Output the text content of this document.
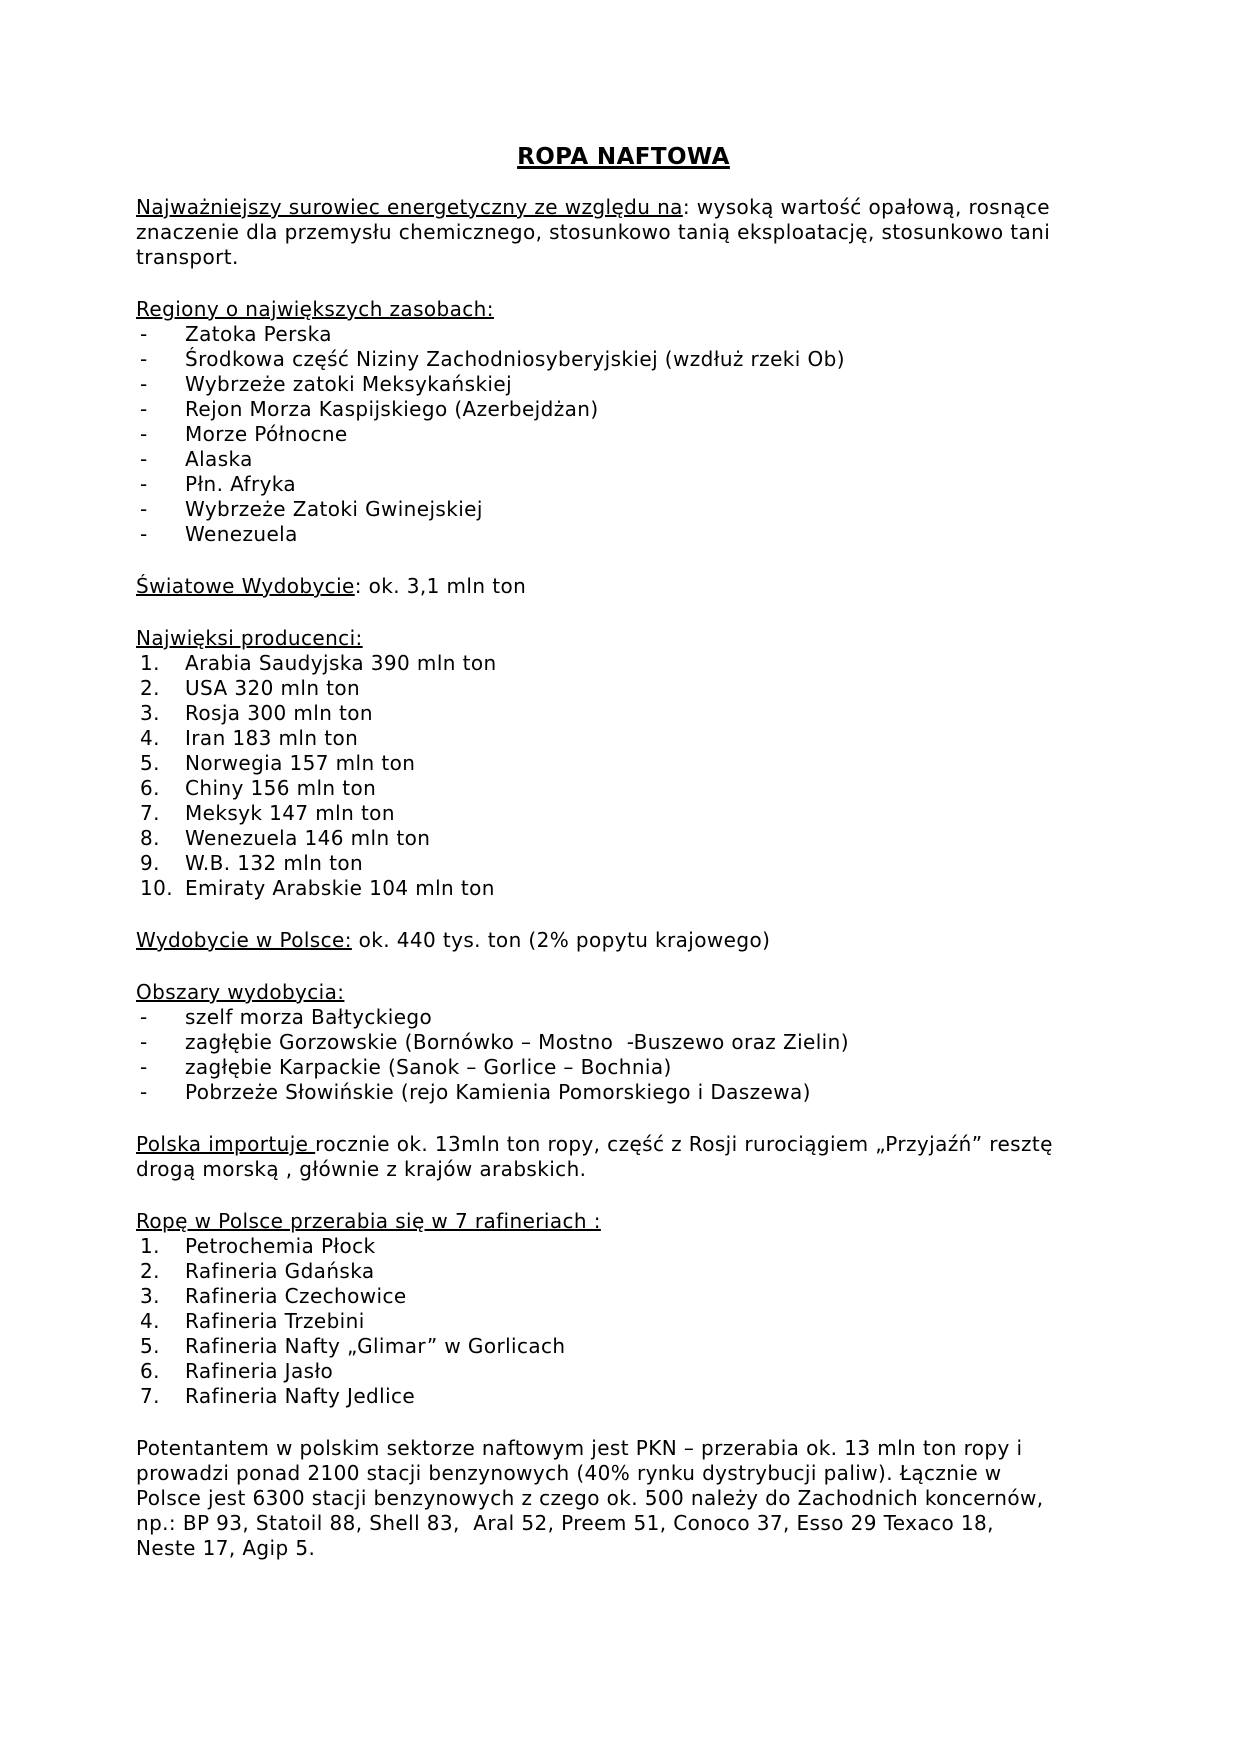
ROPA NAFTOWA
Najważniejszy surowiec energetyczny ze względu na: wysoką wartość opałową, rosnące
znaczenie dla przemysłu chemicznego, stosunkowo tanią eksploatację, stosunkowo tani
transport.
Regiony o największych zasobach:
-	Zatoka Perska
-	Środkowa część Niziny Zachodniosyberyjskiej (wzdłuż rzeki Ob)
-	Wybrzeże zatoki Meksykańskiej
-	Rejon Morza Kaspijskiego (Azerbejdżan)
-	Morze Północne
-	Alaska
-	Płn. Afryka
-	Wybrzeże Zatoki Gwinejskiej
-	Wenezuela
Światowe Wydobycie: ok. 3,1 mln ton
Najwięksi producenci:
1.	Arabia Saudyjska 390 mln ton
2.	USA 320 mln ton
3.	Rosja 300 mln ton
4.	Iran 183 mln ton
5.	Norwegia 157 mln ton
6.	Chiny 156 mln ton
7.	Meksyk 147 mln ton
8.	Wenezuela 146 mln ton
9.	W.B. 132 mln ton
10. Emiraty Arabskie 104 mln ton
Wydobycie w Polsce: ok. 440 tys. ton (2% popytu krajowego)
Obszary wydobycia:
-	szelf morza Bałtyckiego
-	zagłębie Gorzowskie (Bornówko – Mostno  -Buszewo oraz Zielin)
-	zagłębie Karpackie (Sanok – Gorlice – Bochnia)
-	Pobrzeże Słowińskie (rejo Kamienia Pomorskiego i Daszewa)
Polska importuje rocznie ok. 13mln ton ropy, część z Rosji rurociągiem „Przyjaźń” resztę
drogą morską , głównie z krajów arabskich.
Ropę w Polsce przerabia się w 7 rafineriach :
1.	Petrochemia Płock
2.	Rafineria Gdańska
3.	Rafineria Czechowice
4.	Rafineria Trzebini
5.	Rafineria Nafty „Glimar” w Gorlicach
6.	Rafineria Jasło
7.	Rafineria Nafty Jedlice
Potentantem w polskim sektorze naftowym jest PKN – przerabia ok. 13 mln ton ropy i
prowadzi ponad 2100 stacji benzynowych (40% rynku dystrybucji paliw). Łącznie w
Polsce jest 6300 stacji benzynowych z czego ok. 500 należy do Zachodnich koncernów,
np.: BP 93, Statoil 88, Shell 83,  Aral 52, Preem 51, Conoco 37, Esso 29 Texaco 18,
Neste 17, Agip 5.
